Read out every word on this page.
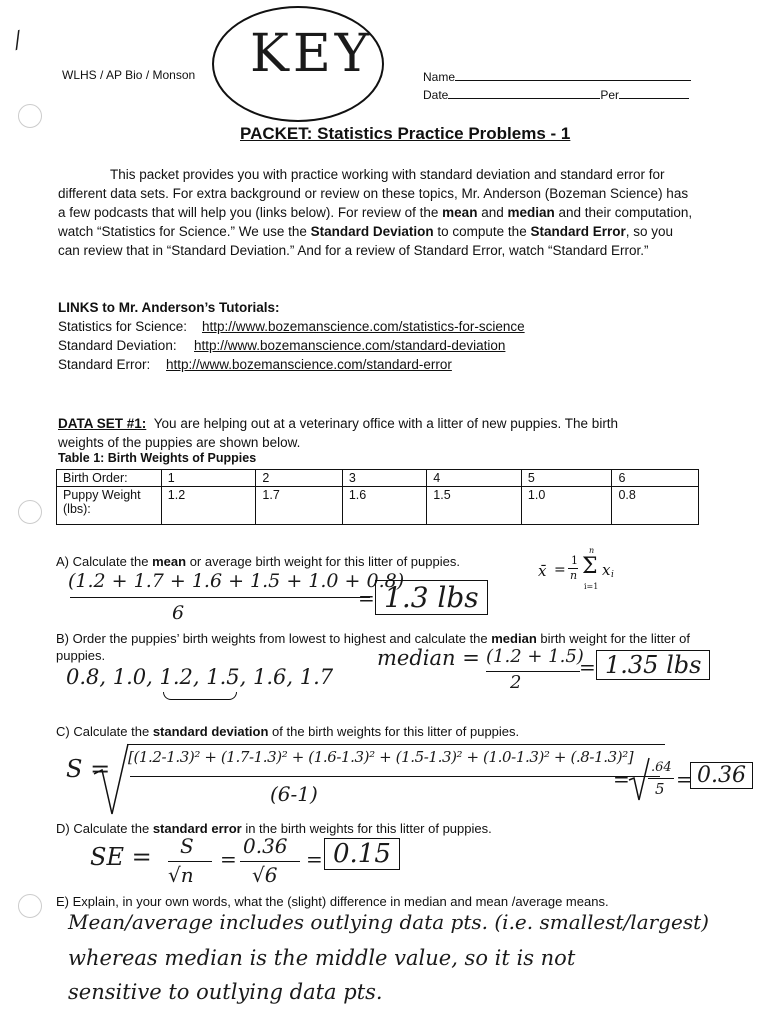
/
WLHS / AP Bio / Monson KEY	Name
Date	Per
PACKET: Statistics Practice Problems - 1
This packet provides you with practice working with standard deviation and standard error for different data sets. For extra background or review on these topics, Mr. Anderson (Bozeman Science) has a few podcasts that will help you (links below). For review of the mean and median and their computation, watch “Statistics for Science.” We use the Standard Deviation to compute the Standard Error, so you can review that in “Standard Deviation.” And for a review of Standard Error, watch “Standard Error.”
LINKS to Mr. Anderson’s Tutorials:
Statistics for Science: http://www.bozemanscience.com/statistics-for-science
Standard Deviation: http://www.bozemanscience.com/standard-deviation
Standard Error: http://www.bozemanscience.com/standard-error
DATA SET #1: You are helping out at a veterinary office with a litter of new puppies. The birth weights of the puppies are shown below.
Table 1: Birth Weights of Puppies
Birth Order:	1	2	3	4	5	6
Puppy Weight
(lbs):	1.2	1.7	1.6	1.5	1.0	0.8
A) Calculate the mean or average birth weight for this litter of puppies.
x̄ =
1
n
n
Σ
i=1
x i
(1.2 + 1.7 + 1.6 + 1.5 + 1.0 + 0.8)
6
= 1.3 lbs
B) Order the puppies’ birth weights from lowest to highest and calculate the median birth weight for the litter of puppies.
0.8, 1.0, 1.2, 1.5, 1.6, 1.7
median = (1.2 + 1.5)
2
= 1.35 lbs
C) Calculate the standard deviation of the birth weights for this litter of puppies.
S = [(1.2-1.3)² + (1.7-1.3)² + (1.6-1.3)² + (1.5-1.3)² + (1.0-1.3)² + (.8-1.3)²]
(6-1)
= .64
5 = 0.36
D) Calculate the standard error in the birth weights for this litter of puppies.
SE = S
√n
=
0.36
√6
= 0.15
E) Explain, in your own words, what the (slight) difference in median and mean /average means.
Mean/average includes outlying data pts. (i.e. smallest/largest)
whereas median is the middle value, so it is not
sensitive to outlying data pts.
